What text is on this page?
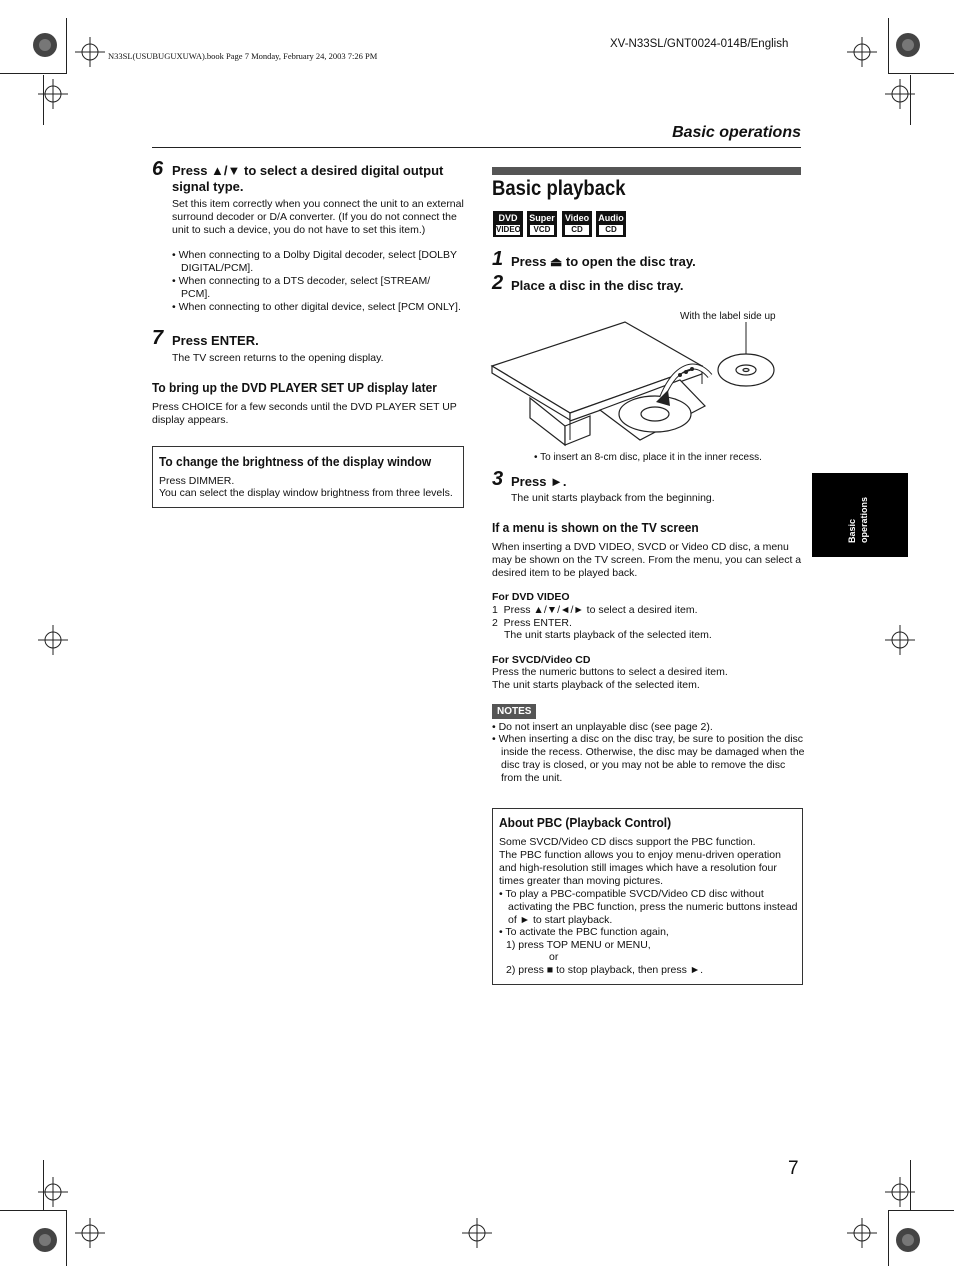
N33SL(USUBUGUXUWA).book Page 7 Monday, February 24, 2003 7:26 PM
XV-N33SL/GNT0024-014B/English
Basic operations
6 Press ▲/▼ to select a desired digital output signal type.
Set this item correctly when you connect the unit to an external surround decoder or D/A converter. (If you do not connect the unit to such a device, you do not have to set this item.)
• When connecting to a Dolby Digital decoder, select [DOLBY DIGITAL/PCM].
• When connecting to a DTS decoder, select [STREAM/ PCM].
• When connecting to other digital device, select [PCM ONLY].
7 Press ENTER.
The TV screen returns to the opening display.
To bring up the DVD PLAYER SET UP display later
Press CHOICE for a few seconds until the DVD PLAYER SET UP display appears.
To change the brightness of the display window
Press DIMMER.
You can select the display window brightness from three levels.
Basic playback
DVD
VIDEO
Super
VCD
Video
CD
Audio
CD
1 Press ⏏ to open the disc tray.
2 Place a disc in the disc tray.
With the label side up
• To insert an 8-cm disc, place it in the inner recess.
3 Press ►.
The unit starts playback from the beginning.
If a menu is shown on the TV screen
When inserting a DVD VIDEO, SVCD or Video CD disc, a menu may be shown on the TV screen. From the menu, you can select a desired item to be played back.
For DVD VIDEO
1  Press ▲/▼/◄/► to select a desired item.
2  Press ENTER.
The unit starts playback of the selected item.
For SVCD/Video CD
Press the numeric buttons to select a desired item.
The unit starts playback of the selected item.
NOTES
• Do not insert an unplayable disc (see page 2).
• When inserting a disc on the disc tray, be sure to position the disc inside the recess. Otherwise, the disc may be damaged when the disc tray is closed, or you may not be able to remove the disc from the unit.
About PBC (Playback Control)
Some SVCD/Video CD discs support the PBC function.
The PBC function allows you to enjoy menu-driven operation and high-resolution still images which have a resolution four times greater than moving pictures.
• To play a PBC-compatible SVCD/Video CD disc without activating the PBC function, press the numeric buttons instead of ► to start playback.
• To activate the PBC function again,
1) press TOP MENU or MENU,
or
2) press ■ to stop playback, then press ►.
Basic operations
7
